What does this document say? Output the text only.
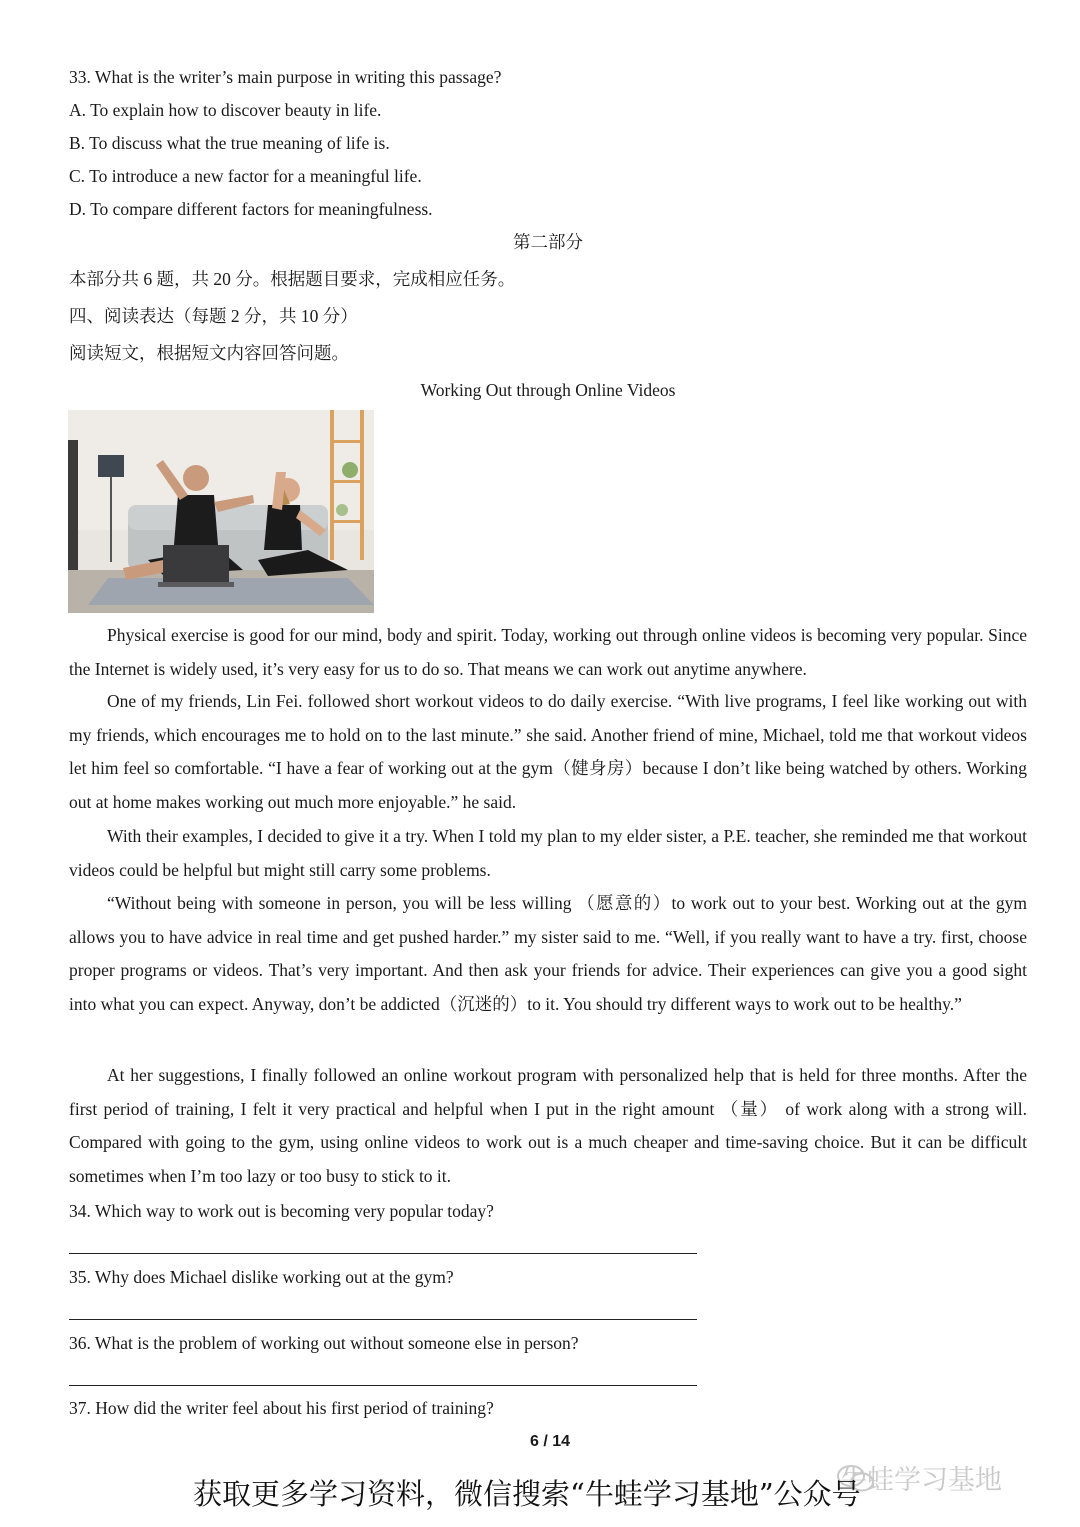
33. What is the writer’s main purpose in writing this passage?
A. To explain how to discover beauty in life.
B. To discuss what the true meaning of life is.
C. To introduce a new factor for a meaningful life.
D. To compare different factors for meaningfulness.
第二部分
本部分共 6 题，共 20 分。根据题目要求，完成相应任务。
四、阅读表达（每题 2 分，共 10 分）
阅读短文，根据短文内容回答问题。
Working Out through Online Videos
Physical exercise is good for our mind, body and spirit. Today, working out through online videos is becoming very popular. Since the Internet is widely used, it’s very easy for us to do so. That means we can work out anytime anywhere.
One of my friends, Lin Fei. followed short workout videos to do daily exercise. “With live programs, I feel like working out with my friends, which encourages me to hold on to the last minute.” she said. Another friend of mine, Michael, told me that workout videos let him feel so comfortable. “I have a fear of working out at the gym（健身房）because I don’t like being watched by others. Working out at home makes working out much more enjoyable.” he said.
With their examples, I decided to give it a try. When I told my plan to my elder sister, a P.E. teacher, she reminded me that workout videos could be helpful but might still carry some problems.
“Without being with someone in person, you will be less willing （愿意的）to work out to your best. Working out at the gym allows you to have advice in real time and get pushed harder.” my sister said to me. “Well, if you really want to have a try. first, choose proper programs or videos. That’s very important. And then ask your friends for advice. Their experiences can give you a good sight into what you can expect. Anyway, don’t be addicted（沉迷的）to it. You should try different ways to work out to be healthy.”
At her suggestions, I finally followed an online workout program with personalized help that is held for three months. After the first period of training, I felt it very practical and helpful when I put in the right amount （量） of work along with a strong will. Compared with going to the gym, using online videos to work out is a much cheaper and time-saving choice. But it can be difficult sometimes when I’m too lazy or too busy to stick to it.
34. Which way to work out is becoming very popular today?
35. Why does Michael dislike working out at the gym?
36. What is the problem of working out without someone else in person?
37. How did the writer feel about his first period of training?
6 / 14
牛蛙学习基地
获取更多学习资料，微信搜索“牛蛙学习基地”公众号
